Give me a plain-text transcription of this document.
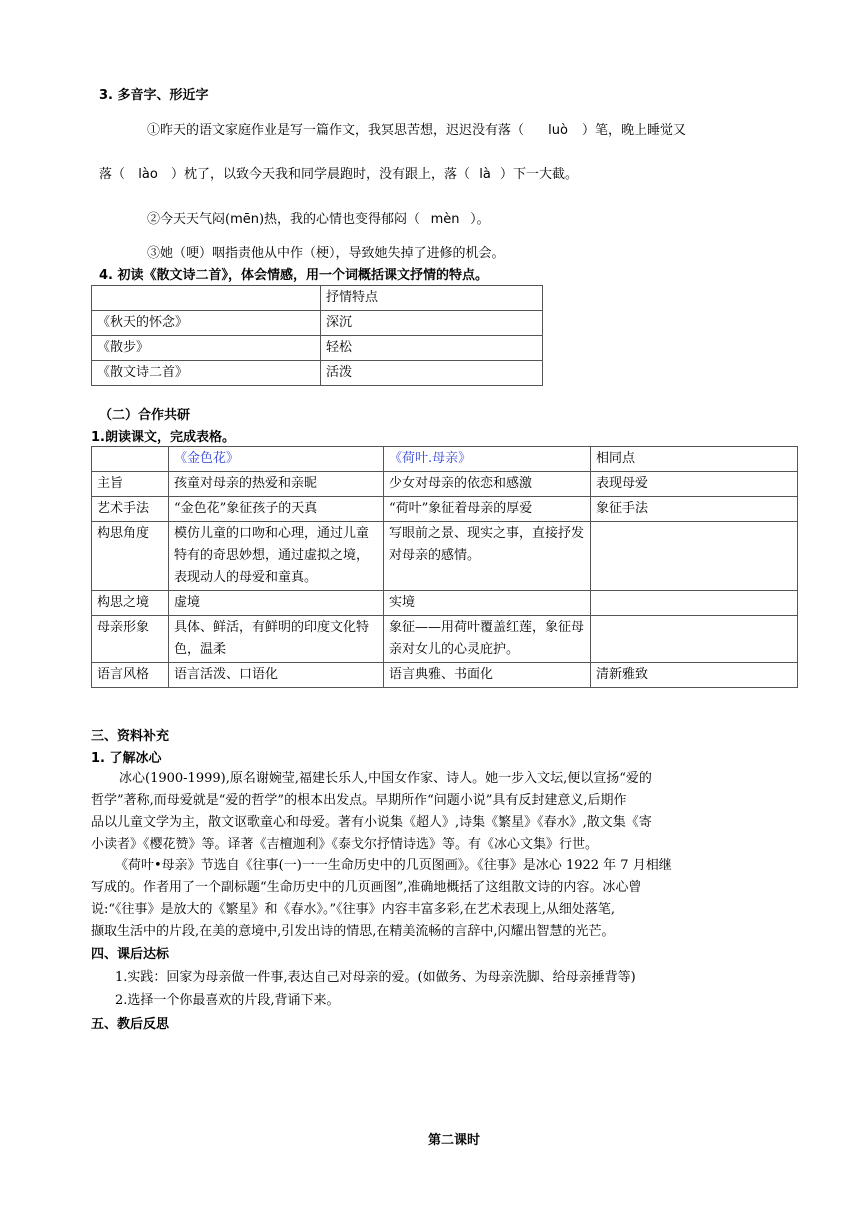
3. 多音字、形近字
①昨天的语文家庭作业是写一篇作文，我冥思苦想，迟迟没有落（ luò ）笔，晚上睡觉又
落（ lào ）枕了，以致今天我和同学晨跑时，没有跟上，落（ là ）下一大截。
②今天天气闷(mēn)热，我的心情也变得郁闷（ mèn ）。
③她（哽）咽指责他从中作（梗），导致她失掉了进修的机会。
4. 初读《散文诗二首》，体会情感，用一个词概括课文抒情的特点。
	抒情特点
《秋天的怀念》	深沉
《散步》	轻松
《散文诗二首》	活泼
（二）合作共研
1.朗读课文，完成表格。
	《金色花》	《荷叶.母亲》	相同点
主旨	孩童对母亲的热爱和亲昵	少女对母亲的依恋和感激	表现母爱
艺术手法	“金色花”象征孩子的天真	“荷叶”象征着母亲的厚爱	象征手法
构思角度	模仿儿童的口吻和心理，通过儿童特有的奇思妙想，通过虚拟之境，表现动人的母爱和童真。	写眼前之景、现实之事，直接抒发对母亲的感情。	
构思之境	虚境	实境	
母亲形象	具体、鲜活，有鲜明的印度文化特色，温柔	象征——用荷叶覆盖红莲，象征母亲对女儿的心灵庇护。	
语言风格	语言活泼、口语化	语言典雅、书面化	清新雅致
三、资料补充
1. 了解冰心
冰心(1900-1999),原名谢婉莹,福建长乐人,中国女作家、诗人。她一步入文坛,便以宣扬“爱的
哲学”著称,而母爱就是“爱的哲学”的根本出发点。早期所作“问题小说”具有反封建意义,后期作
品以儿童文学为主，散文讴歌童心和母爱。著有小说集《超人》,诗集《繁星》《春水》,散文集《寄
小读者》《樱花赞》等。译著《吉檀迦利》《泰戈尔抒情诗选》等。有《冰心文集》行世。
《荷叶•母亲》节选自《往事(一)一一生命历史中的几页图画》。《往事》是冰心 1922 年 7 月相继
写成的。作者用了一个副标题“生命历史中的几页画图”,准确地概括了这组散文诗的内容。冰心曾
说:“《往事》是放大的《繁星》和《春水》。”《往事》内容丰富多彩,在艺术表现上,从细处落笔,
撷取生活中的片段,在美的意境中,引发出诗的情思,在精美流畅的言辞中,闪耀出智慧的光芒。
四、课后达标
1.实践：回家为母亲做一件事,表达自己对母亲的爱。(如做务、为母亲洗脚、给母亲捶背等)
2.选择一个你最喜欢的片段,背诵下来。
五、教后反思
第二课时
